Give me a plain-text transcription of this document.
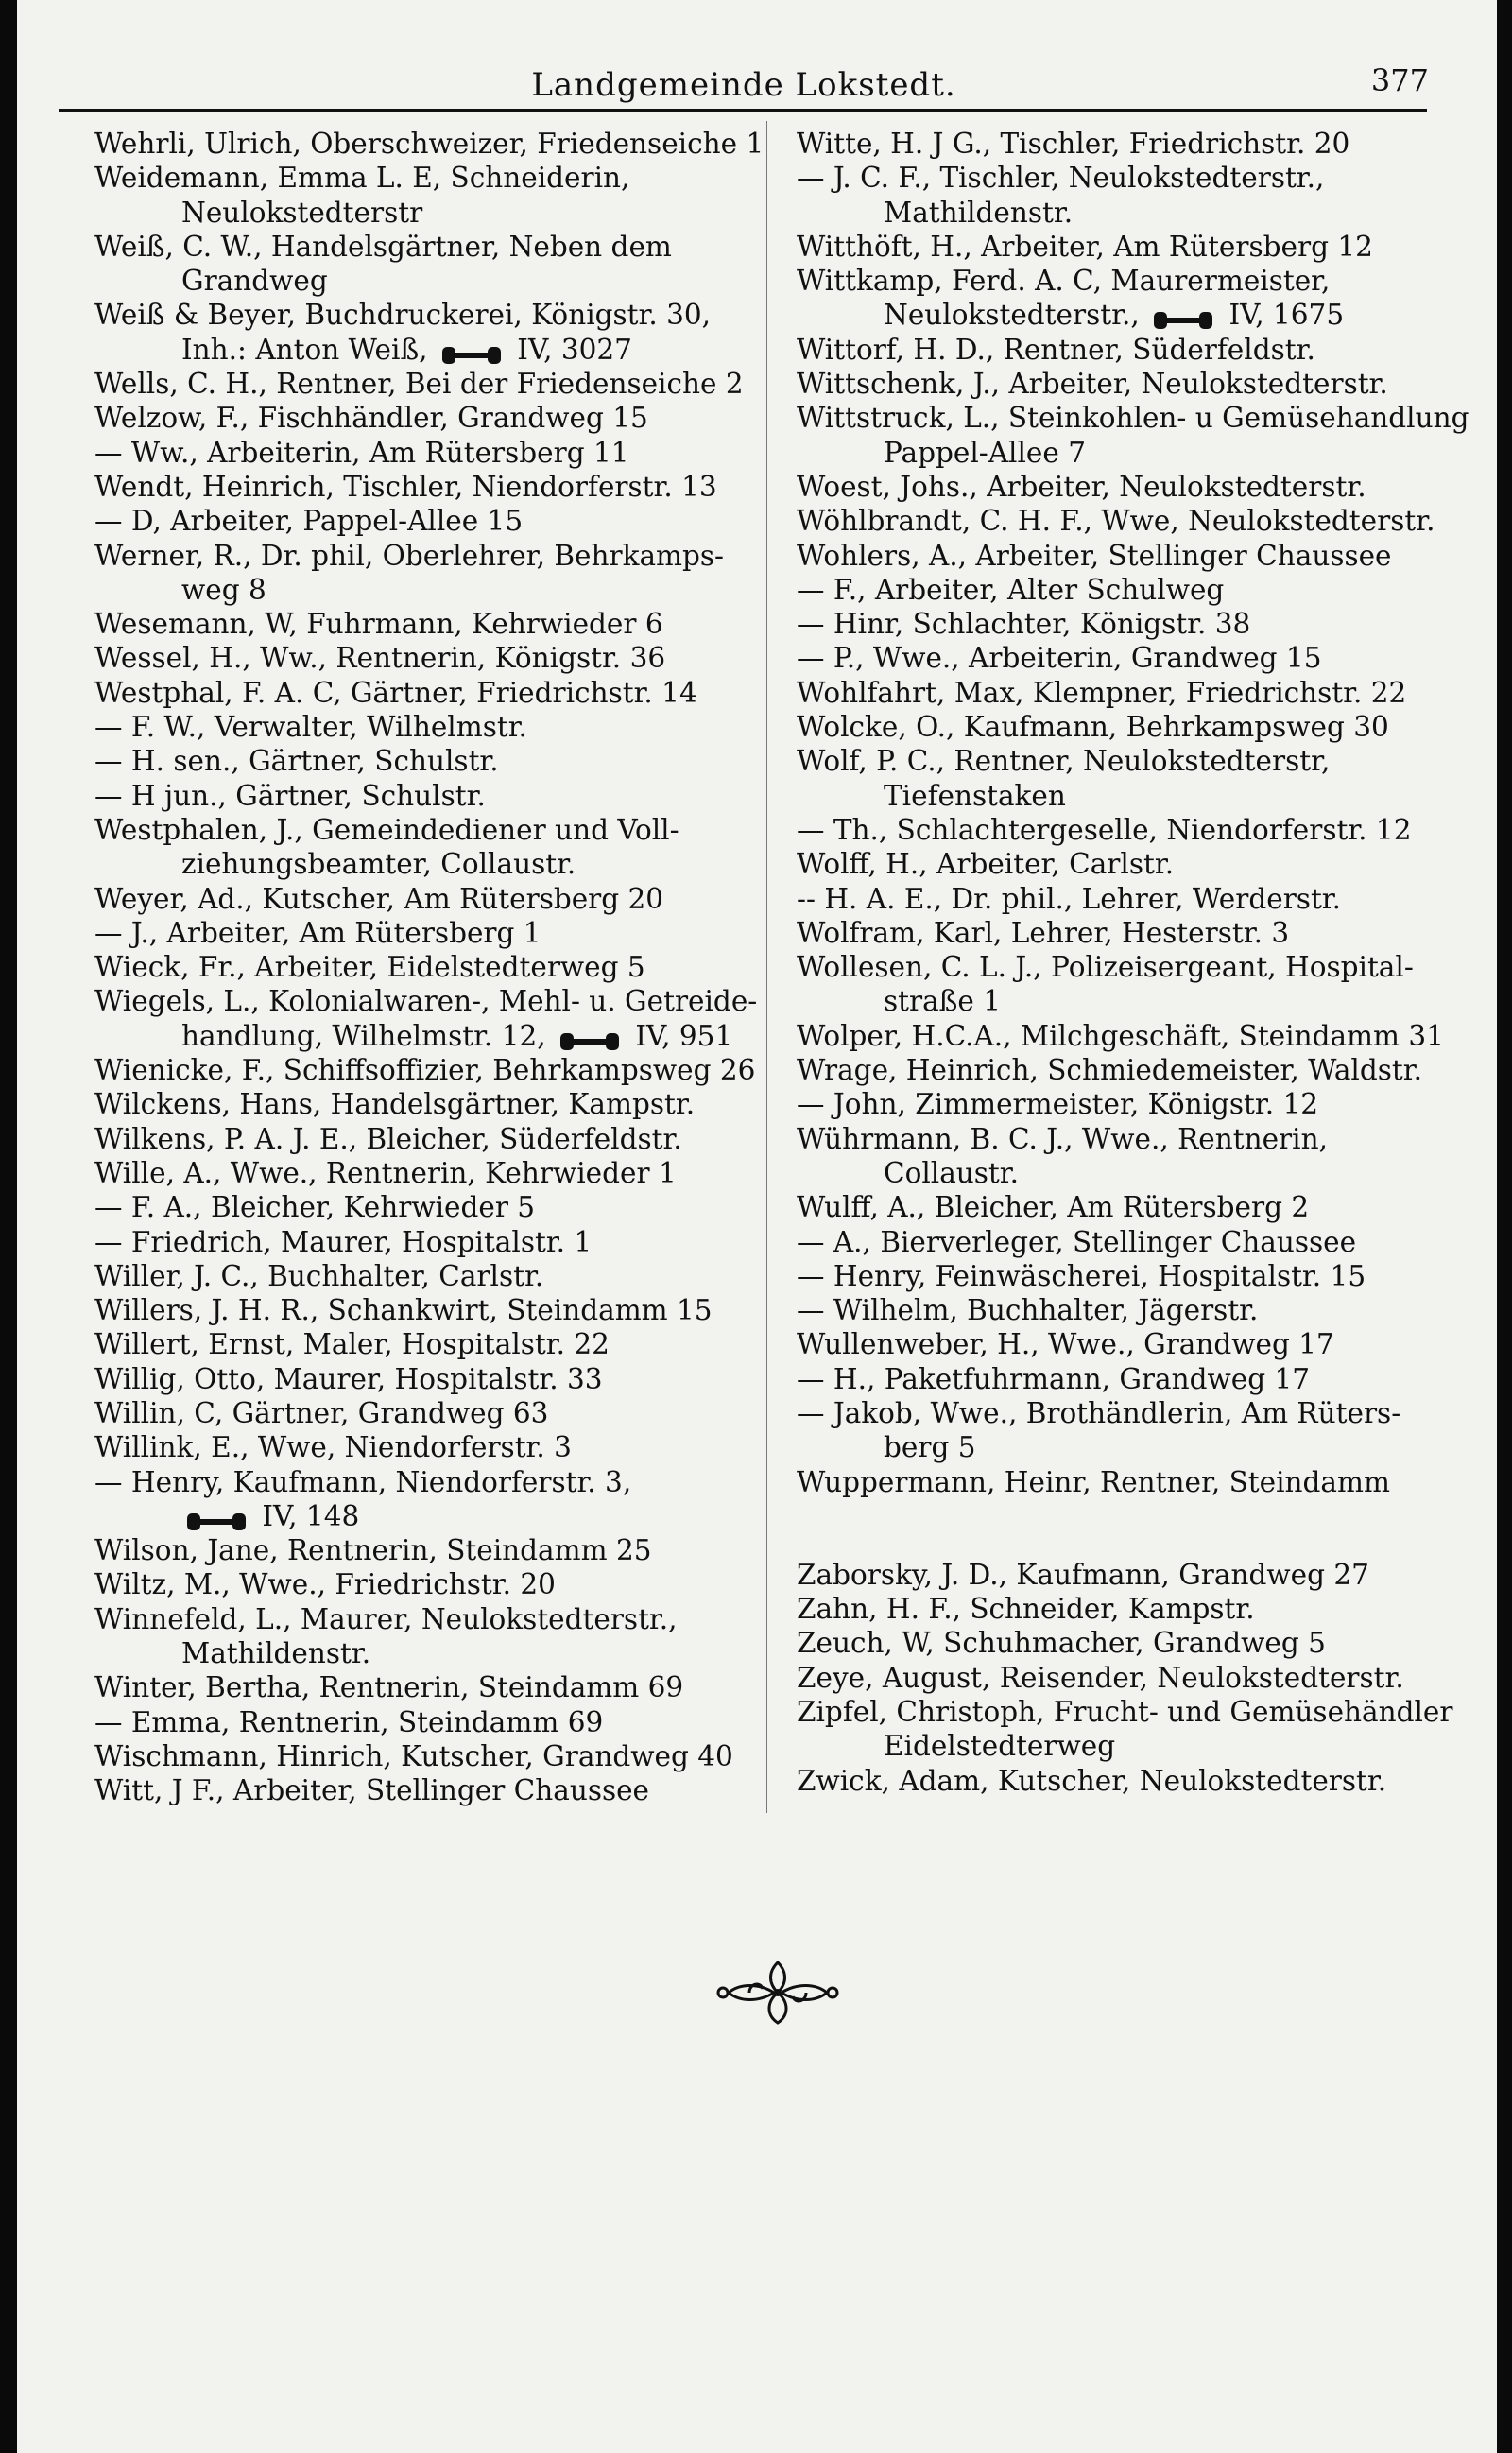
Landgemeinde Lokstedt.	377
Wehrli, Ulrich, Oberschweizer, Friedenseiche 1
Weidemann, Emma L. E, Schneiderin,
Neulokstedterstr
Weiß, C. W., Handelsgärtner, Neben dem
Grandweg
Weiß & Beyer, Buchdruckerei, Königstr. 30,
Inh.: Anton Weiß,	IV, 3027
Wells, C. H., Rentner, Bei der Friedenseiche 2
Welzow, F., Fischhändler, Grandweg 15
— Ww., Arbeiterin, Am Rütersberg 11
Wendt, Heinrich, Tischler, Niendorferstr. 13
— D, Arbeiter, Pappel-Allee 15
Werner, R., Dr. phil, Oberlehrer, Behrkamps-
weg 8
Wesemann, W, Fuhrmann, Kehrwieder 6
Wessel, H., Ww., Rentnerin, Königstr. 36
Westphal, F. A. C, Gärtner, Friedrichstr. 14
— F. W., Verwalter, Wilhelmstr.
— H. sen., Gärtner, Schulstr.
— H jun., Gärtner, Schulstr.
Westphalen, J., Gemeindediener und Voll-
ziehungsbeamter, Collaustr.
Weyer, Ad., Kutscher, Am Rütersberg 20
— J., Arbeiter, Am Rütersberg 1
Wieck, Fr., Arbeiter, Eidelstedterweg 5
Wiegels, L., Kolonialwaren-, Mehl- u. Getreide-
handlung, Wilhelmstr. 12,	IV, 951
Wienicke, F., Schiffsoffizier, Behrkampsweg 26
Wilckens, Hans, Handelsgärtner, Kampstr.
Wilkens, P. A. J. E., Bleicher, Süderfeldstr.
Wille, A., Wwe., Rentnerin, Kehrwieder 1
— F. A., Bleicher, Kehrwieder 5
— Friedrich, Maurer, Hospitalstr. 1
Willer, J. C., Buchhalter, Carlstr.
Willers, J. H. R., Schankwirt, Steindamm 15
Willert, Ernst, Maler, Hospitalstr. 22
Willig, Otto, Maurer, Hospitalstr. 33
Willin, C, Gärtner, Grandweg 63
Willink, E., Wwe, Niendorferstr. 3
— Henry, Kaufmann, Niendorferstr. 3,
IV, 148
Wilson, Jane, Rentnerin, Steindamm 25
Wiltz, M., Wwe., Friedrichstr. 20
Winnefeld, L., Maurer, Neulokstedterstr.,
Mathildenstr.
Winter, Bertha, Rentnerin, Steindamm 69
— Emma, Rentnerin, Steindamm 69
Wischmann, Hinrich, Kutscher, Grandweg 40
Witt, J F., Arbeiter, Stellinger Chaussee
Witte, H. J G., Tischler, Friedrichstr. 20
— J. C. F., Tischler, Neulokstedterstr.,
Mathildenstr.
Witthöft, H., Arbeiter, Am Rütersberg 12
Wittkamp, Ferd. A. C, Maurermeister,
Neulokstedterstr.,	IV, 1675
Wittorf, H. D., Rentner, Süderfeldstr.
Wittschenk, J., Arbeiter, Neulokstedterstr.
Wittstruck, L., Steinkohlen- u Gemüsehandlung
Pappel-Allee 7
Woest, Johs., Arbeiter, Neulokstedterstr.
Wöhlbrandt, C. H. F., Wwe, Neulokstedterstr.
Wohlers, A., Arbeiter, Stellinger Chaussee
— F., Arbeiter, Alter Schulweg
— Hinr, Schlachter, Königstr. 38
— P., Wwe., Arbeiterin, Grandweg 15
Wohlfahrt, Max, Klempner, Friedrichstr. 22
Wolcke, O., Kaufmann, Behrkampsweg 30
Wolf, P. C., Rentner, Neulokstedterstr,
Tiefenstaken
— Th., Schlachtergeselle, Niendorferstr. 12
Wolff, H., Arbeiter, Carlstr.
-- H. A. E., Dr. phil., Lehrer, Werderstr.
Wolfram, Karl, Lehrer, Hesterstr. 3
Wollesen, C. L. J., Polizeisergeant, Hospital-
straße 1
Wolper, H.C.A., Milchgeschäft, Steindamm 31
Wrage, Heinrich, Schmiedemeister, Waldstr.
— John, Zimmermeister, Königstr. 12
Wührmann, B. C. J., Wwe., Rentnerin,
Collaustr.
Wulff, A., Bleicher, Am Rütersberg 2
— A., Bierverleger, Stellinger Chaussee
— Henry, Feinwäscherei, Hospitalstr. 15
— Wilhelm, Buchhalter, Jägerstr.
Wullenweber, H., Wwe., Grandweg 17
— H., Paketfuhrmann, Grandweg 17
— Jakob, Wwe., Brothändlerin, Am Rüters-
berg 5
Wuppermann, Heinr, Rentner, Steindamm
Zaborsky, J. D., Kaufmann, Grandweg 27
Zahn, H. F., Schneider, Kampstr.
Zeuch, W, Schuhmacher, Grandweg 5
Zeye, August, Reisender, Neulokstedterstr.
Zipfel, Christoph, Frucht- und Gemüsehändler
Eidelstedterweg
Zwick, Adam, Kutscher, Neulokstedterstr.
